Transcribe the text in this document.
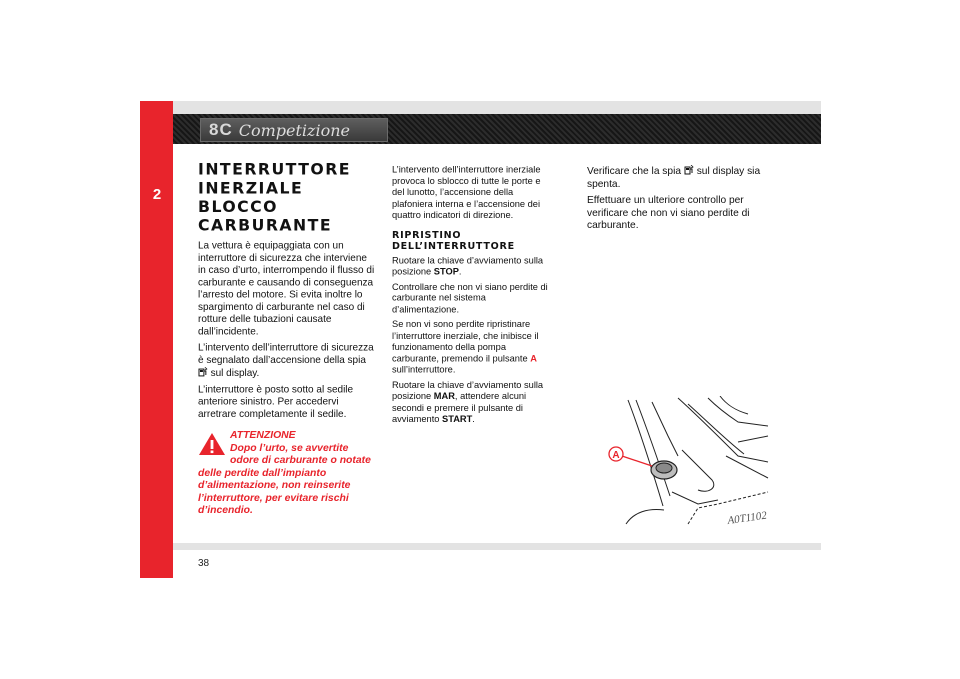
2
8C Competizione
INTERRUTTORE
INERZIALE
BLOCCO
CARBURANTE

La vettura è equipaggiata con un interruttore di sicurezza che interviene in caso d’urto, interrompendo il flusso di carburante e causando di conseguenza l’arresto del motore. Si evita inoltre lo spargimento di carburante nel caso di rotture delle tubazioni causate dall’incidente.

L’intervento dell’interruttore di sicurezza è segnalato dall’accensione della spia  sul display.

L’interruttore è posto sotto al sedile anteriore sinistro. Per accedervi arretrare completamente il sedile.

ATTENZIONE
Dopo l’urto, se avvertite odore di carburante o notate delle perdite dall’impianto d’alimentazione, non reinserite l’interruttore, per evitare rischi d’incendio.

L’intervento dell’interruttore inerziale provoca lo sblocco di tutte le porte e del lunotto, l’accensione della plafoniera interna e l’accensione dei quattro indicatori di direzione.

RIPRISTINO
DELL’INTERRUTTORE

Ruotare la chiave d’avviamento sulla posizione STOP.

Controllare che non vi siano perdite di carburante nel sistema d’alimentazione.

Se non vi sono perdite ripristinare l’interruttore inerziale, che inibisce il funzionamento della pompa carburante, premendo il pulsante A sull’interruttore.

Ruotare la chiave d’avviamento sulla posizione MAR, attendere alcuni secondi e premere il pulsante di avviamento START.

Verificare che la spia sul display sia spenta.

Effettuare un ulteriore controllo per verificare che non vi siano perdite di carburante.

A
A0T1102
38
